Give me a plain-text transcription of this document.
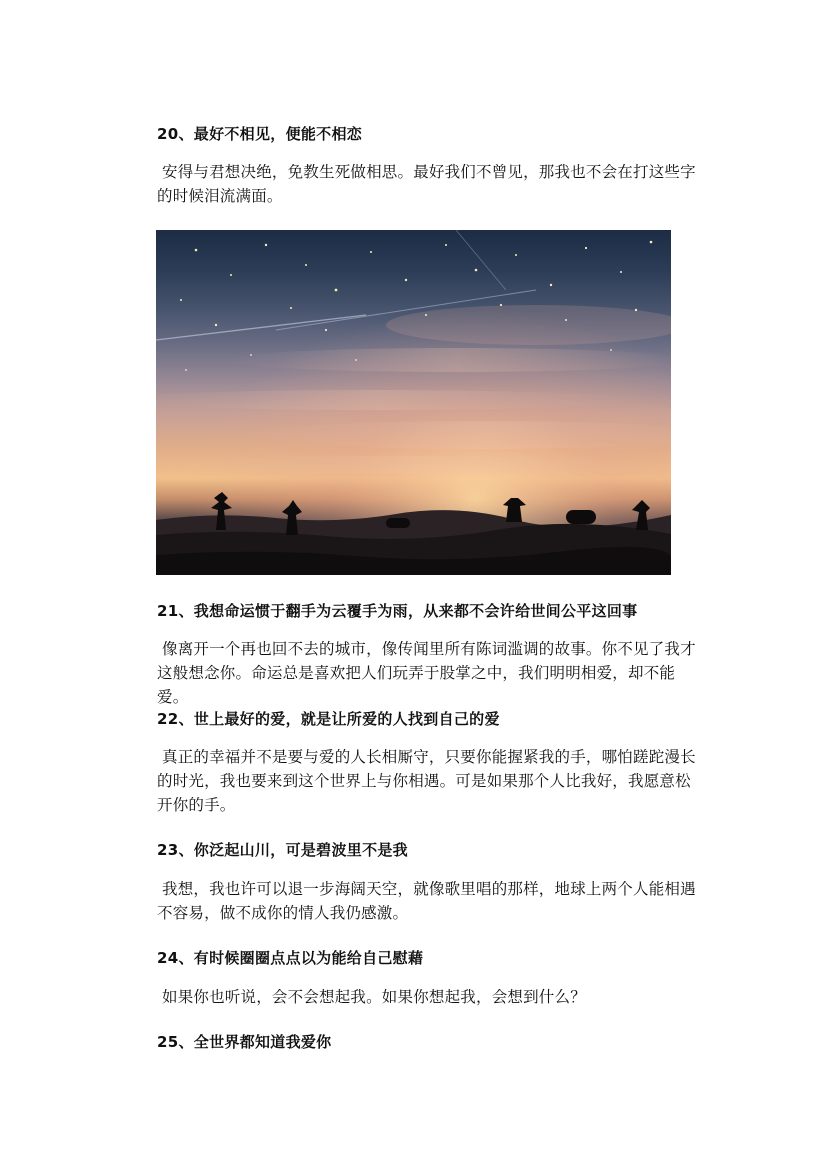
20、最好不相见，便能不相恋
安得与君想决绝，免教生死做相思。最好我们不曾见，那我也不会在打这些字的时候泪流满面。
21、我想命运惯于翻手为云覆手为雨，从来都不会许给世间公平这回事
像离开一个再也回不去的城市，像传闻里所有陈词滥调的故事。你不见了我才这般想念你。命运总是喜欢把人们玩弄于股掌之中，我们明明相爱，却不能爱。
22、世上最好的爱，就是让所爱的人找到自己的爱
真正的幸福并不是要与爱的人长相厮守，只要你能握紧我的手，哪怕蹉跎漫长的时光，我也要来到这个世界上与你相遇。可是如果那个人比我好，我愿意松开你的手。
23、你泛起山川，可是碧波里不是我
我想，我也许可以退一步海阔天空，就像歌里唱的那样，地球上两个人能相遇不容易，做不成你的情人我仍感激。
24、有时候圈圈点点以为能给自己慰藉
如果你也听说，会不会想起我。如果你想起我，会想到什么？
25、全世界都知道我爱你
